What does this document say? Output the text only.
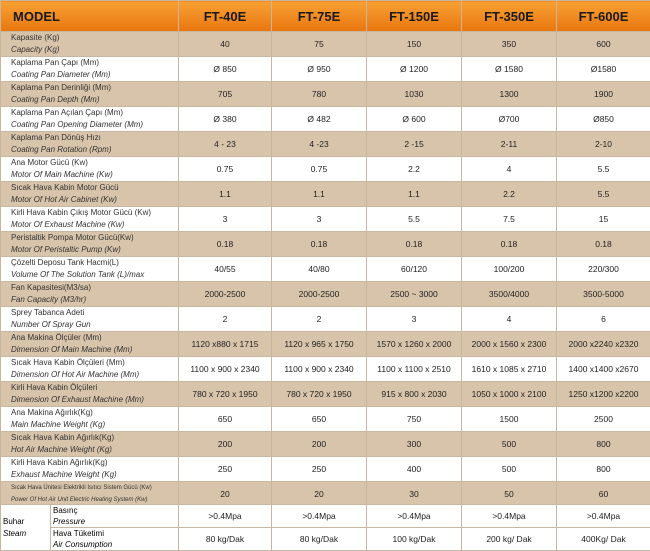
MODEL	FT-40E	FT-75E	FT-150E	FT-350E	FT-600E

Kapasite (Kg)
Capacity (Kg)	40	75	150	350	600

Kaplama Pan Çapı (Mm)
Coating Pan Diameter (Mm)	Ø 850	Ø 950	Ø 1200	Ø 1580	Ø1580

Kaplama Pan Derinliği (Mm)
Coating Pan Depth (Mm)	705	780	1030	1300	1900

Kaplama Pan Açılan Çapı (Mm)
Coating Pan Opening Diameter (Mm)	Ø 380	Ø 482	Ø 600	Ø700	Ø850

Kaplama Pan Dönüş Hızı
Coating Pan Rotation (Rpm)	4 - 23	4 -23	2 -15	2-11	2-10

Ana Motor Gücü (Kw)
Motor Of Main Machine (Kw)	0.75	0.75	2.2	4	5.5

Sıcak Hava Kabin Motor Gücü
Motor Of Hot Air Cabinet (Kw)	1.1	1.1	1.1	2.2	5.5

Kirli Hava Kabin Çıkış Motor Gücü (Kw)
Motor Of Exhaust Machine (Kw)	3	3	5.5	7.5	15

Peristaltik Pompa Motor Gücü(Kw)
Motor Of Peristaltic Pump (Kw)	0.18	0.18	0.18	0.18	0.18

Çözelti Deposu Tank Hacmi(L)
Volume Of The Solution Tank (L)/max	40/55	40/80	60/120	100/200	220/300

Fan Kapasitesi(M3/sa)
Fan Capacity (M3/hr)	2000-2500	2000-2500	2500 ~ 3000	3500/4000	3500-5000

Sprey Tabanca Adeti
Number Of Spray Gun	2	2	3	4	6

Ana Makina Ölçüler (Mm)
Dimension Of Main Machine (Mm)	1120 x880 x 1715	1120 x 965 x 1750	1570 x 1260 x 2000	2000 x 1560 x 2300	2000 x2240 x2320

Sıcak Hava Kabin Ölçüleri (Mm)
Dimension Of Hot Air Machine (Mm)	1100 x 900 x 2340	1100 x 900 x 2340	1100 x 1100 x 2510	1610 x 1085 x 2710	1400 x1400 x2670

Kirli Hava Kabin Ölçüleri
Dimension Of Exhaust Machine (Mm)	780 x 720 x 1950	780 x 720 x 1950	915 x 800 x 2030	1050 x 1000 x 2100	1250 x1200 x2200

Ana Makina Ağırlık(Kg)
Main Machine Weight (Kg)	650	650	750	1500	2500

Sıcak Hava Kabin Ağırlık(Kg)
Hot Air Machine Weight (Kg)	200	200	300	500	800

Kirli Hava Kabin Ağırlık(Kg)
Exhaust Machine Weight (Kg)	250	250	400	500	800

Sıcak Hava Ünitesi Elektrikli Isıtıcı Sistem Gücü (Kw)
Power Of Hot Air Unit Electric Heating System (Kw)	20	20	30	50	60
Buhar
Steam	Basınç
Pressure	>0.4Mpa	>0.4Mpa	>0.4Mpa	>0.4Mpa	>0.4Mpa

	Hava Tüketimi
Air Consumption	80 kg/Dak	80 kg/Dak	100 kg/Dak	200 kg/ Dak	400Kg/ Dak
